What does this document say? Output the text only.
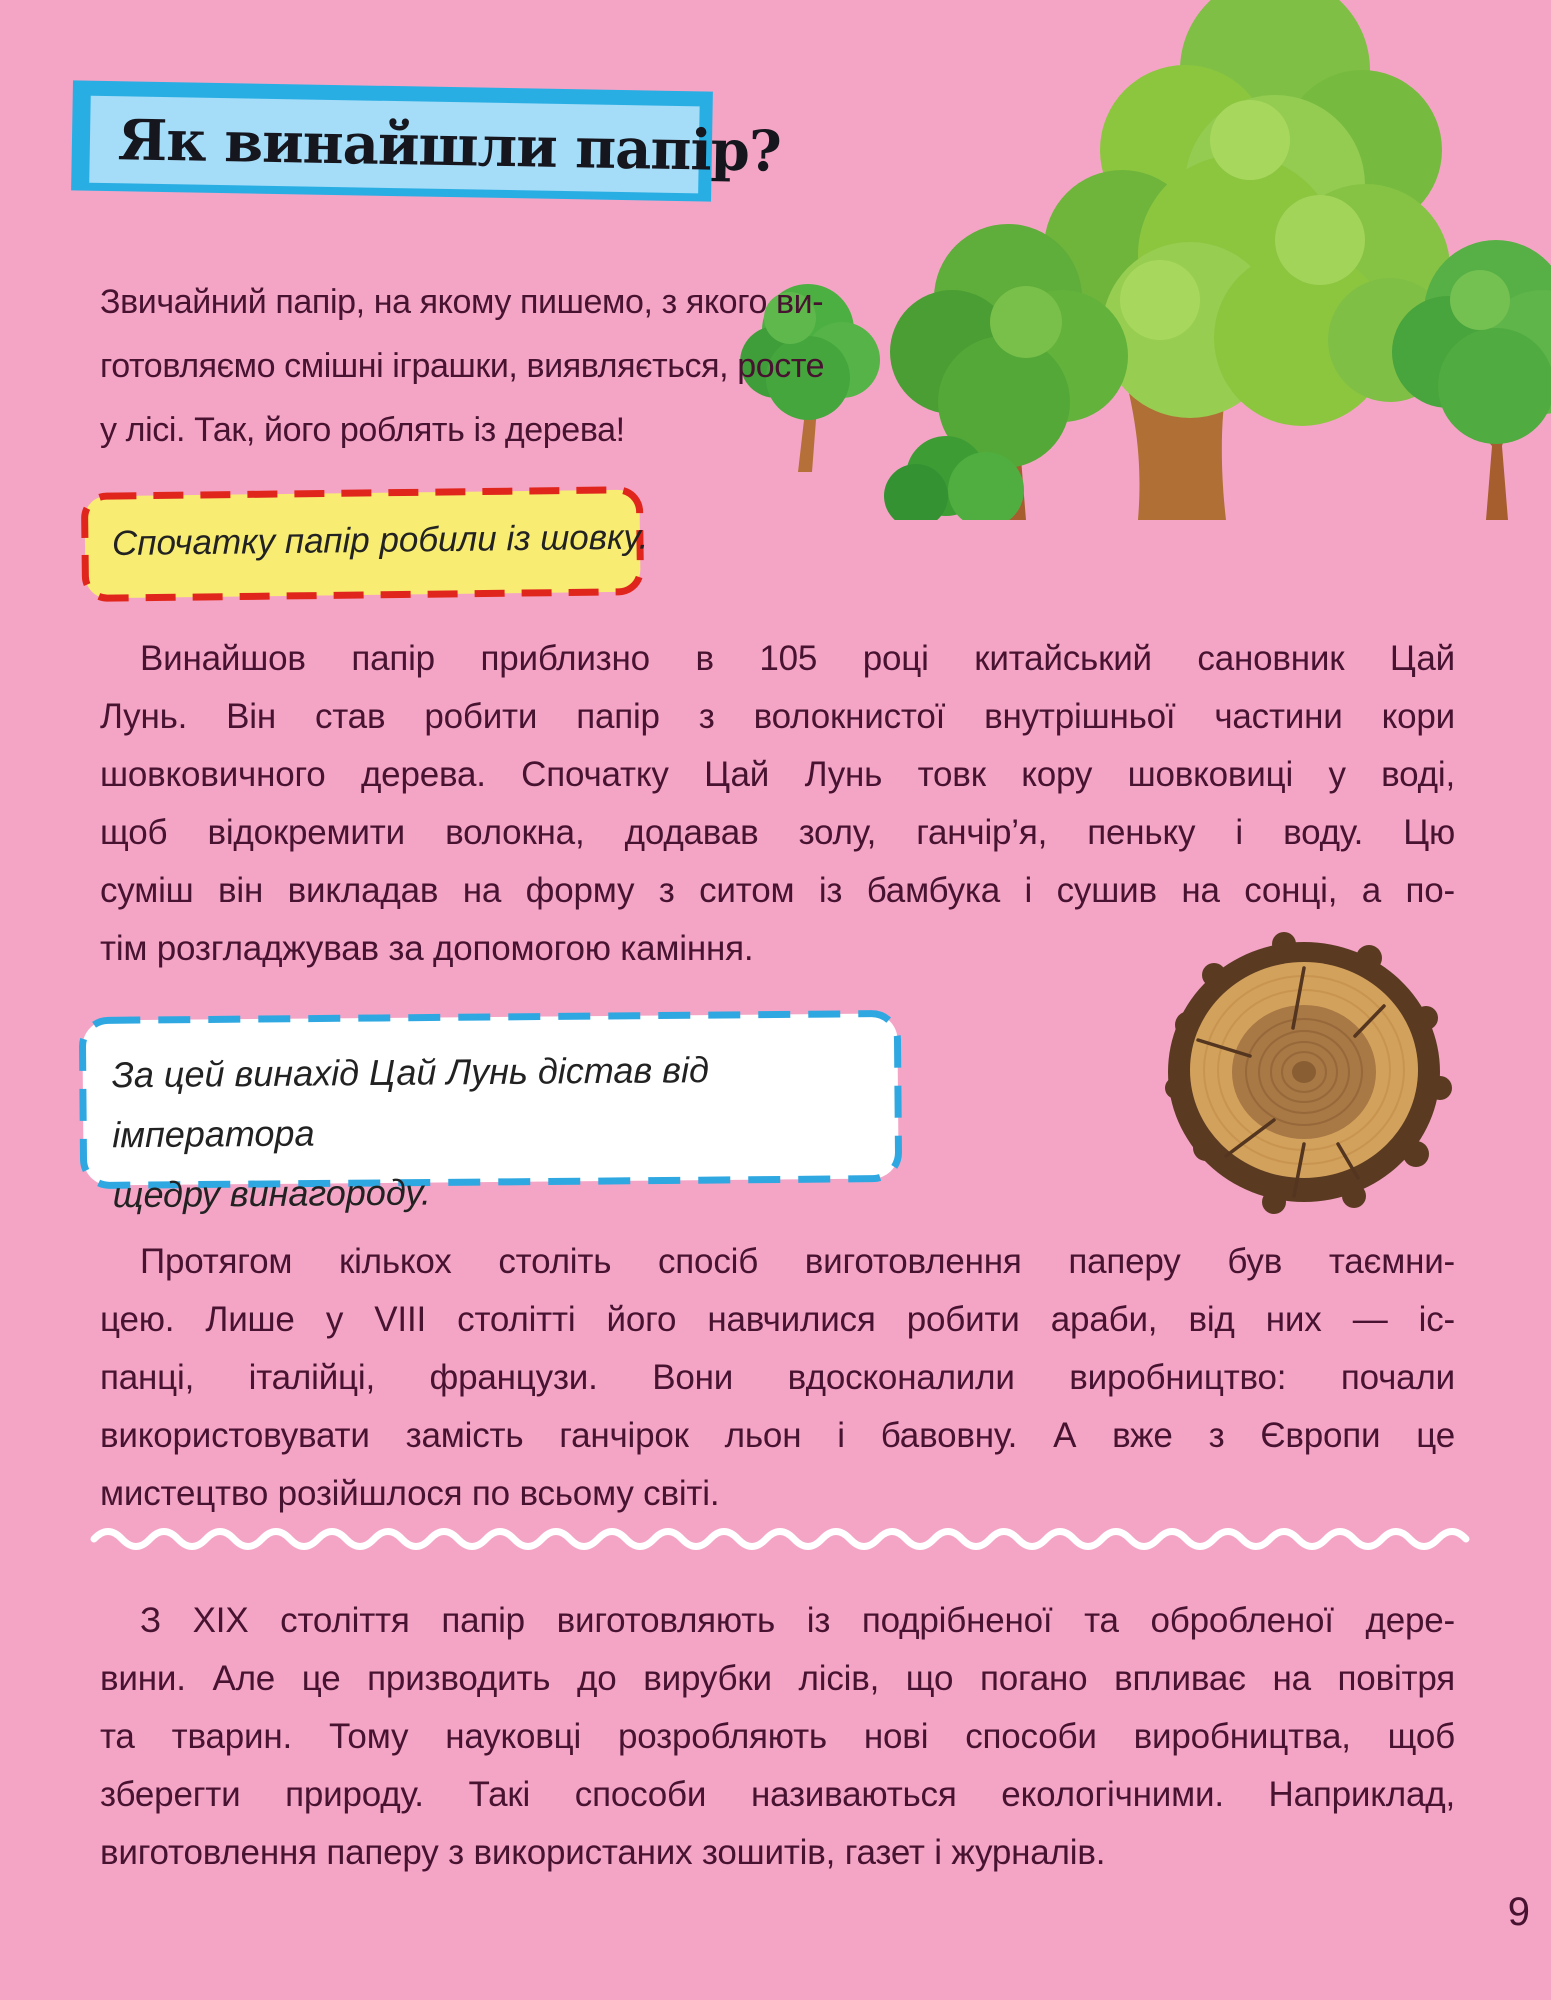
Як винайшли папір?
Звичайний папір, на якому пишемо, з якого ви-
готовляємо смішні іграшки, виявляється, росте
у лісі. Так, його роблять із дерева!
Спочатку папір робили із шовку.
Винайшов папір приблизно в 105 році китайський сановник Цай
Лунь. Він став робити папір з волокнистої внутрішньої частини кори
шовковичного дерева. Спочатку Цай Лунь товк кору шовковиці у воді,
щоб відокремити волокна, додавав золу, ганчір’я, пеньку і воду. Цю
суміш він викладав на форму з ситом із бамбука і сушив на сонці, а по-
тім розгладжував за допомогою каміння.
За цей винахід Цай Лунь дістав від імператора
щедру винагороду.
Протягом кількох століть спосіб виготовлення паперу був таємни-
цею. Лише у VIII столітті його навчилися робити араби, від них — іс-
панці, італійці, французи. Вони вдосконалили виробництво: почали
використовувати замість ганчірок льон і бавовну. А вже з Європи це
мистецтво розійшлося по всьому світі.
З XIX століття папір виготовляють із подрібненої та обробленої дере-
вини. Але це призводить до вирубки лісів, що погано впливає на повітря
та тварин. Тому науковці розробляють нові способи виробництва, щоб
зберегти природу. Такі способи називаються екологічними. Наприклад,
виготовлення паперу з використаних зошитів, газет і журналів.
9
